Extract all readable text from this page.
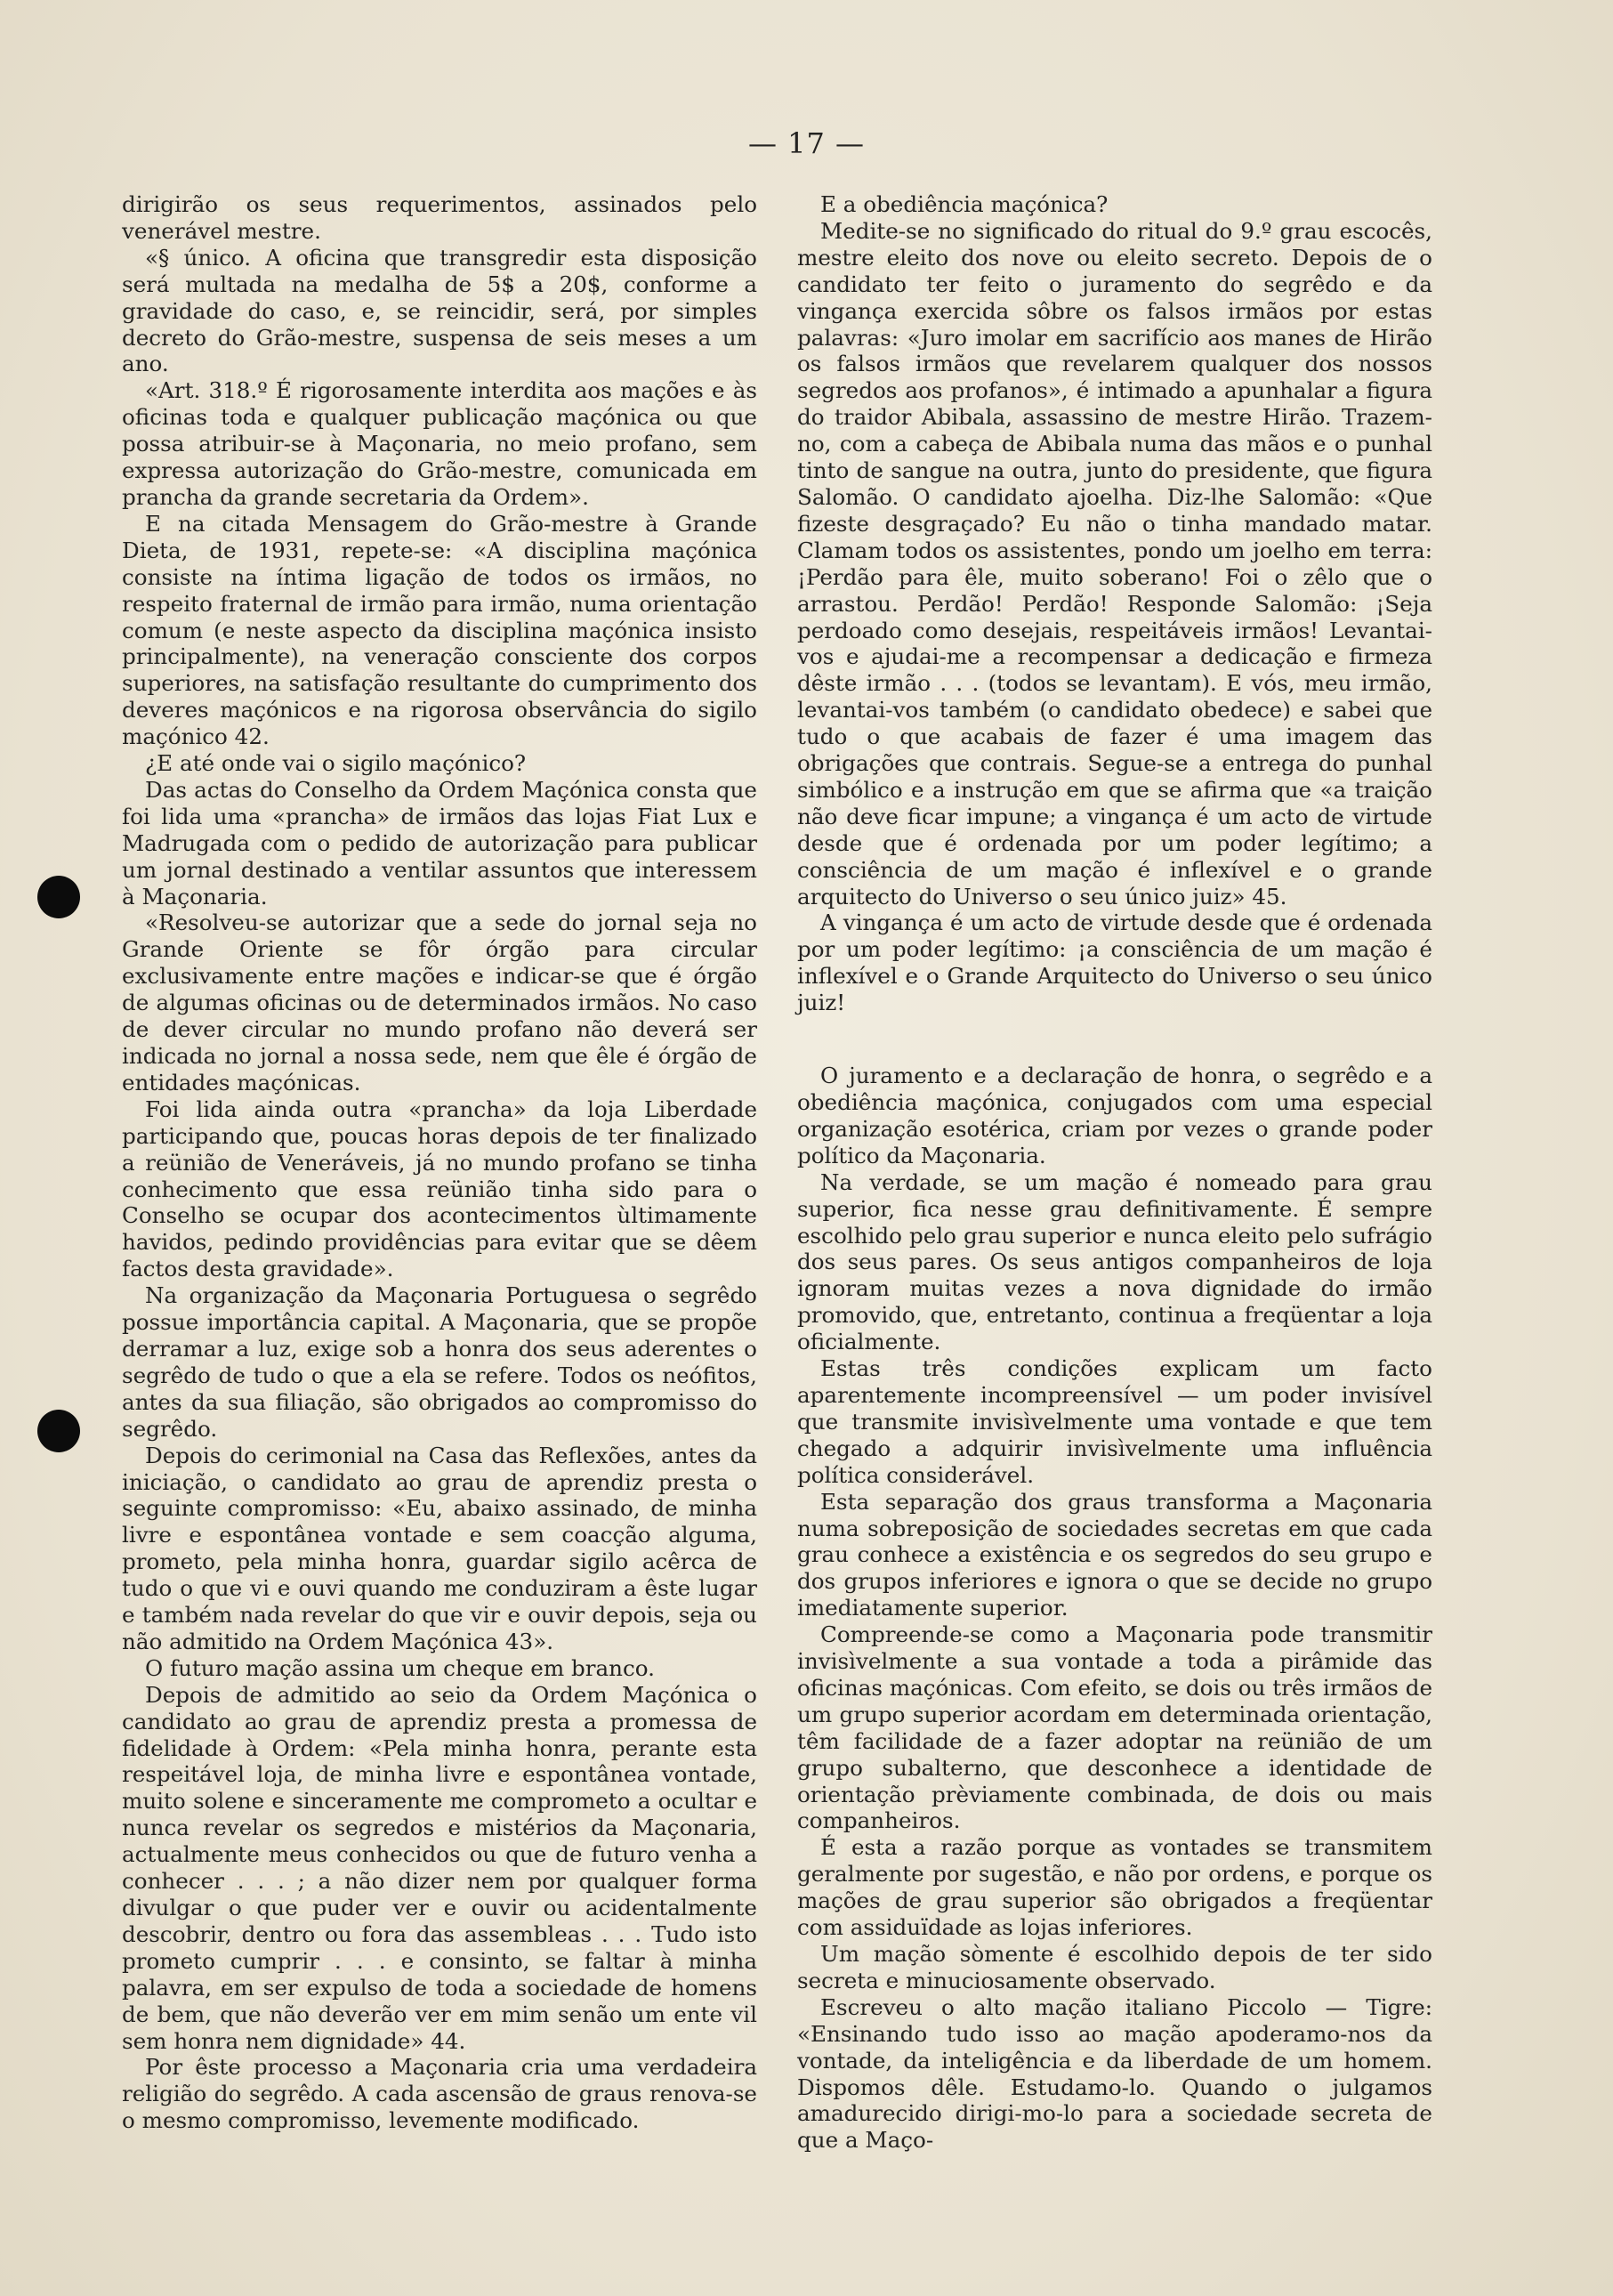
— 17 —

dirigirão os seus requerimentos, assinados pelo venerável mestre.

«§ único. A oficina que transgredir esta disposição será multada na medalha de 5$ a 20$, conforme a gravidade do caso, e, se reincidir, será, por simples decreto do Grão-mestre, suspensa de seis meses a um ano.

«Art. 318.º É rigorosamente interdita aos mações e às oficinas toda e qualquer publicação maçónica ou que possa atribuir-se à Maçonaria, no meio profano, sem expressa autorização do Grão-mestre, comunicada em prancha da grande secretaria da Ordem».

E na citada Mensagem do Grão-mestre à Grande Dieta, de 1931, repete-se: «A disciplina maçónica consiste na íntima ligação de todos os irmãos, no respeito fraternal de irmão para irmão, numa orientação comum (e neste aspecto da disciplina maçónica insisto principalmente), na veneração consciente dos corpos superiores, na satisfação resultante do cumprimento dos deveres maçónicos e na rigorosa observância do sigilo maçónico 42.

¿E até onde vai o sigilo maçónico?

Das actas do Conselho da Ordem Maçónica consta que foi lida uma «prancha» de irmãos das lojas Fiat Lux e Madrugada com o pedido de autorização para publicar um jornal destinado a ventilar assuntos que interessem à Maçonaria.

«Resolveu-se autorizar que a sede do jornal seja no Grande Oriente se fôr órgão para circular exclusivamente entre mações e indicar-se que é órgão de algumas oficinas ou de determinados irmãos. No caso de dever circular no mundo profano não deverá ser indicada no jornal a nossa sede, nem que êle é órgão de entidades maçónicas.

Foi lida ainda outra «prancha» da loja Liberdade participando que, poucas horas depois de ter finalizado a reünião de Veneráveis, já no mundo profano se tinha conhecimento que essa reünião tinha sido para o Conselho se ocupar dos acontecimentos ùltimamente havidos, pedindo providências para evitar que se dêem factos desta gravidade».

Na organização da Maçonaria Portuguesa o segrêdo possue importância capital. A Maçonaria, que se propõe derramar a luz, exige sob a honra dos seus aderentes o segrêdo de tudo o que a ela se refere. Todos os neófitos, antes da sua filiação, são obrigados ao compromisso do segrêdo.

Depois do cerimonial na Casa das Reflexões, antes da iniciação, o candidato ao grau de aprendiz presta o seguinte compromisso: «Eu, abaixo assinado, de minha livre e espontânea vontade e sem coacção alguma, prometo, pela minha honra, guardar sigilo acêrca de tudo o que vi e ouvi quando me conduziram a êste lugar e também nada revelar do que vir e ouvir depois, seja ou não admitido na Ordem Maçónica 43».

O futuro mação assina um cheque em branco.

Depois de admitido ao seio da Ordem Maçónica o candidato ao grau de aprendiz presta a promessa de fidelidade à Ordem: «Pela minha honra, perante esta respeitável loja, de minha livre e espontânea vontade, muito solene e sinceramente me comprometo a ocultar e nunca revelar os segredos e mistérios da Maçonaria, actualmente meus conhecidos ou que de futuro venha a conhecer . . . ; a não dizer nem por qualquer forma divulgar o que puder ver e ouvir ou acidentalmente descobrir, dentro ou fora das assembleas . . . Tudo isto prometo cumprir . . . e consinto, se faltar à minha palavra, em ser expulso de toda a sociedade de homens de bem, que não deverão ver em mim senão um ente vil sem honra nem dignidade» 44.

Por êste processo a Maçonaria cria uma verdadeira religião do segrêdo. A cada ascensão de graus renova-se o mesmo compromisso, levemente modificado.

E a obediência maçónica?

Medite-se no significado do ritual do 9.º grau escocês, mestre eleito dos nove ou eleito secreto. Depois de o candidato ter feito o juramento do segrêdo e da vingança exercida sôbre os falsos irmãos por estas palavras: «Juro imolar em sacrifício aos manes de Hirão os falsos irmãos que revelarem qualquer dos nossos segredos aos profanos», é intimado a apunhalar a figura do traidor Abibala, assassino de mestre Hirão. Trazem-no, com a cabeça de Abibala numa das mãos e o punhal tinto de sangue na outra, junto do presidente, que figura Salomão. O candidato ajoelha. Diz-lhe Salomão: «Que fizeste desgraçado? Eu não o tinha mandado matar. Clamam todos os assistentes, pondo um joelho em terra: ¡Perdão para êle, muito soberano! Foi o zêlo que o arrastou. Perdão! Perdão! Responde Salomão: ¡Seja perdoado como desejais, respeitáveis irmãos! Levantai-vos e ajudai-me a recompensar a dedicação e firmeza dêste irmão . . . (todos se levantam). E vós, meu irmão, levantai-vos também (o candidato obedece) e sabei que tudo o que acabais de fazer é uma imagem das obrigações que contrais. Segue-se a entrega do punhal simbólico e a instrução em que se afirma que «a traição não deve ficar impune; a vingança é um acto de virtude desde que é ordenada por um poder legítimo; a consciência de um mação é inflexível e o grande arquitecto do Universo o seu único juiz» 45.

A vingança é um acto de virtude desde que é ordenada por um poder legítimo: ¡a consciência de um mação é inflexível e o Grande Arquitecto do Universo o seu único juiz!

O juramento e a declaração de honra, o segrêdo e a obediência maçónica, conjugados com uma especial organização esotérica, criam por vezes o grande poder político da Maçonaria.

Na verdade, se um mação é nomeado para grau superior, fica nesse grau definitivamente. É sempre escolhido pelo grau superior e nunca eleito pelo sufrágio dos seus pares. Os seus antigos companheiros de loja ignoram muitas vezes a nova dignidade do irmão promovido, que, entretanto, continua a freqüentar a loja oficialmente.

Estas três condições explicam um facto aparentemente incompreensível — um poder invisível que transmite invisìvelmente uma vontade e que tem chegado a adquirir invisìvelmente uma influência política considerável.

Esta separação dos graus transforma a Maçonaria numa sobreposição de sociedades secretas em que cada grau conhece a existência e os segredos do seu grupo e dos grupos inferiores e ignora o que se decide no grupo imediatamente superior.

Compreende-se como a Maçonaria pode transmitir invisìvelmente a sua vontade a toda a pirâmide das oficinas maçónicas. Com efeito, se dois ou três irmãos de um grupo superior acordam em determinada orientação, têm facilidade de a fazer adoptar na reünião de um grupo subalterno, que desconhece a identidade de orientação prèviamente combinada, de dois ou mais companheiros.

É esta a razão porque as vontades se transmitem geralmente por sugestão, e não por ordens, e porque os mações de grau superior são obrigados a freqüentar com assiduïdade as lojas inferiores.

Um mação sòmente é escolhido depois de ter sido secreta e minuciosamente observado.

Escreveu o alto mação italiano Piccolo — Tigre: «Ensinando tudo isso ao mação apoderamo-nos da vontade, da inteligência e da liberdade de um homem. Dispomos dêle. Estudamo-lo. Quando o julgamos amadurecido dirigi-mo-lo para a sociedade secreta de que a Maço-
